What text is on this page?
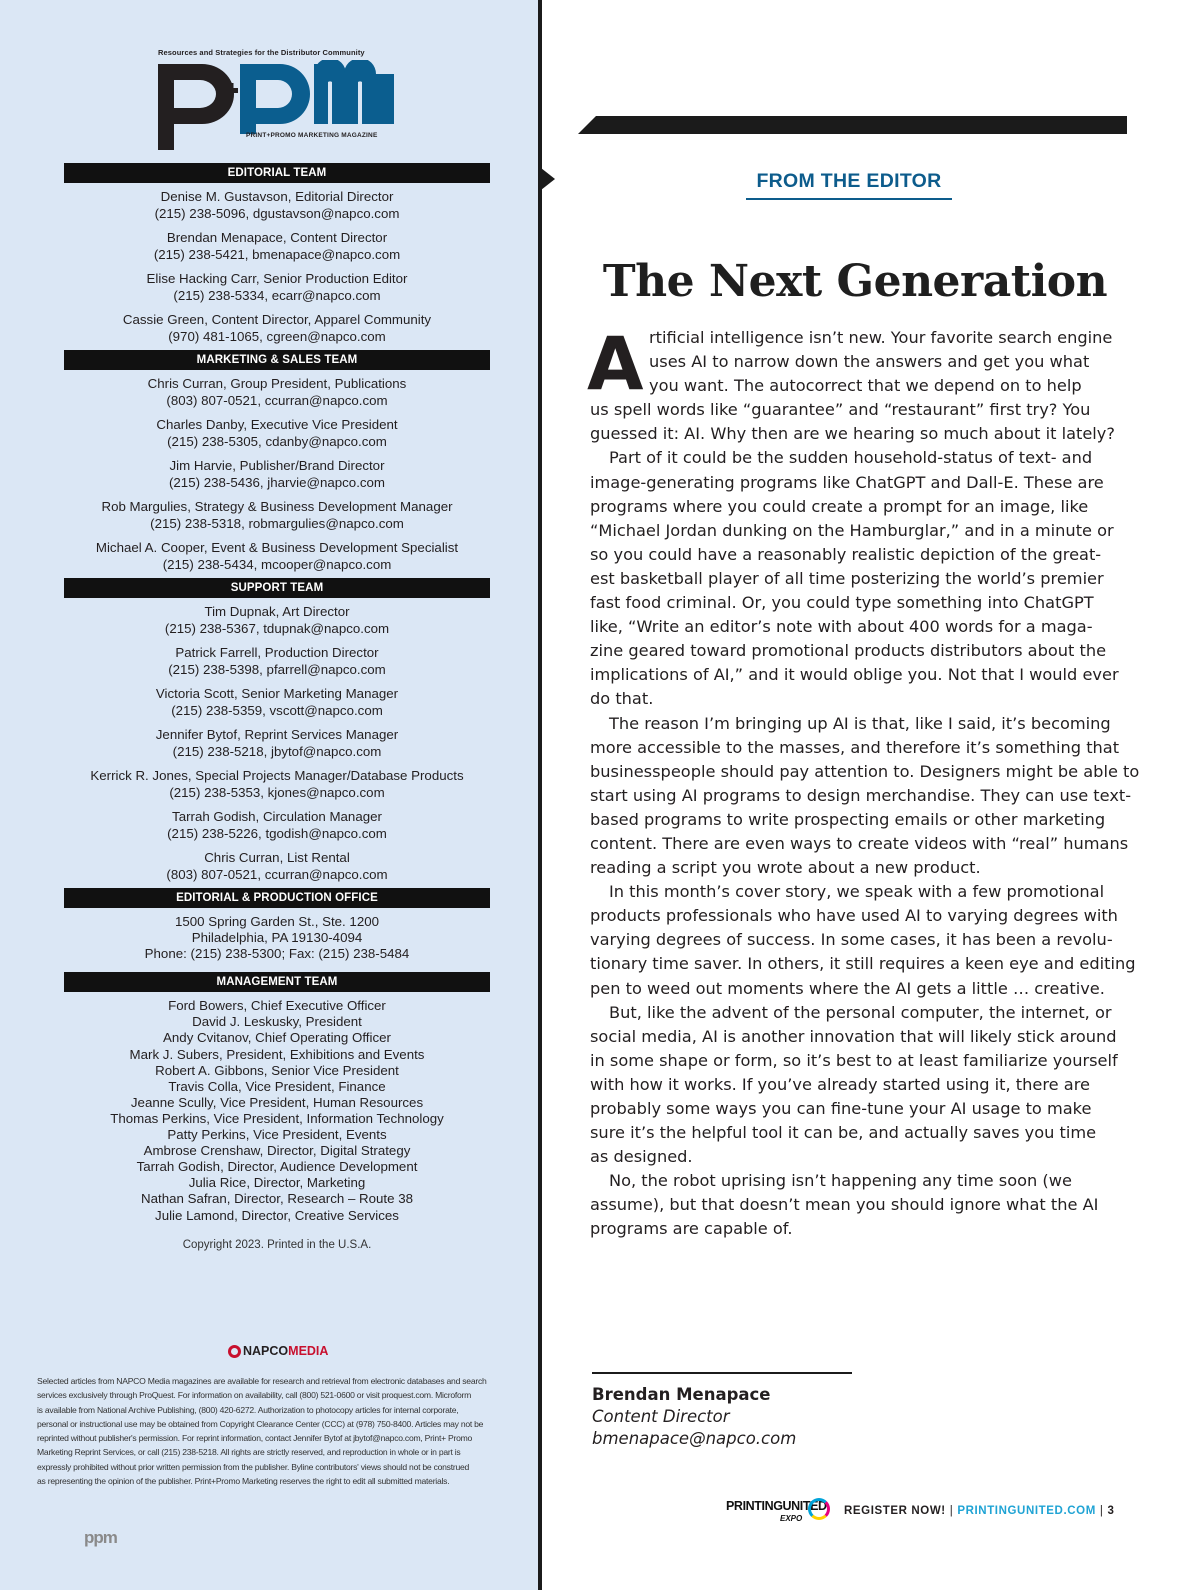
Resources and Strategies for the Distributor Community
PRINT+PROMO MARKETING MAGAZINE
EDITORIAL TEAM
Denise M. Gustavson, Editorial Director
(215) 238-5096, dgustavson@napco.com
Brendan Menapace, Content Director
(215) 238-5421, bmenapace@napco.com
Elise Hacking Carr, Senior Production Editor
(215) 238-5334, ecarr@napco.com
Cassie Green, Content Director, Apparel Community
(970) 481-1065, cgreen@napco.com
MARKETING & SALES TEAM
Chris Curran, Group President, Publications
(803) 807-0521, ccurran@napco.com
Charles Danby, Executive Vice President
(215) 238-5305, cdanby@napco.com
Jim Harvie, Publisher/Brand Director
(215) 238-5436, jharvie@napco.com
Rob Margulies, Strategy & Business Development Manager
(215) 238-5318, robmargulies@napco.com
Michael A. Cooper, Event & Business Development Specialist
(215) 238-5434, mcooper@napco.com
SUPPORT TEAM
Tim Dupnak, Art Director
(215) 238-5367, tdupnak@napco.com
Patrick Farrell, Production Director
(215) 238-5398, pfarrell@napco.com
Victoria Scott, Senior Marketing Manager
(215) 238-5359, vscott@napco.com
Jennifer Bytof, Reprint Services Manager
(215) 238-5218, jbytof@napco.com
Kerrick R. Jones, Special Projects Manager/Database Products
(215) 238-5353, kjones@napco.com
Tarrah Godish, Circulation Manager
(215) 238-5226, tgodish@napco.com
Chris Curran, List Rental
(803) 807-0521, ccurran@napco.com
EDITORIAL & PRODUCTION OFFICE
1500 Spring Garden St., Ste. 1200
Philadelphia, PA 19130-4094
Phone: (215) 238-5300; Fax: (215) 238-5484
MANAGEMENT TEAM
Ford Bowers, Chief Executive Officer
David J. Leskusky, President
Andy Cvitanov, Chief Operating Officer
Mark J. Subers, President, Exhibitions and Events
Robert A. Gibbons, Senior Vice President
Travis Colla, Vice President, Finance
Jeanne Scully, Vice President, Human Resources
Thomas Perkins, Vice President, Information Technology
Patty Perkins, Vice President, Events
Ambrose Crenshaw, Director, Digital Strategy
Tarrah Godish, Director, Audience Development
Julia Rice, Director, Marketing
Nathan Safran, Director, Research – Route 38
Julie Lamond, Director, Creative Services
Copyright 2023. Printed in the U.S.A.
NAPCOMEDIA
Selected articles from NAPCO Media magazines are available for research and retrieval from electronic databases and search
services exclusively through ProQuest. For information on availability, call (800) 521-0600 or visit proquest.com. Microform
is available from National Archive Publishing, (800) 420-6272. Authorization to photocopy articles for internal corporate,
personal or instructional use may be obtained from Copyright Clearance Center (CCC) at (978) 750-8400. Articles may not be
reprinted without publisher's permission. For reprint information, contact Jennifer Bytof at jbytof@napco.com, Print+ Promo
Marketing Reprint Services, or call (215) 238-5218. All rights are strictly reserved, and reproduction in whole or in part is
expressly prohibited without prior written permission from the publisher. Byline contributors' views should not be construed
as representing the opinion of the publisher. Print+Promo Marketing reserves the right to edit all submitted materials.
ppm
FROM THE EDITOR
The Next Generation
A rtificial intelligence isn’t new. Your favorite search engine
uses AI to narrow down the answers and get you what
you want. The autocorrect that we depend on to help
us spell words like “guarantee” and “restaurant” first try? You
guessed it: AI. Why then are we hearing so much about it lately?
Part of it could be the sudden household-status of text- and
image-generating programs like ChatGPT and Dall-E. These are
programs where you could create a prompt for an image, like
“Michael Jordan dunking on the Hamburglar,” and in a minute or
so you could have a reasonably realistic depiction of the great-
est basketball player of all time posterizing the world’s premier
fast food criminal. Or, you could type something into ChatGPT
like, “Write an editor’s note with about 400 words for a maga-
zine geared toward promotional products distributors about the
implications of AI,” and it would oblige you. Not that I would ever
do that.
The reason I’m bringing up AI is that, like I said, it’s becoming
more accessible to the masses, and therefore it’s something that
businesspeople should pay attention to. Designers might be able to
start using AI programs to design merchandise. They can use text-
based programs to write prospecting emails or other marketing
content. There are even ways to create videos with “real” humans
reading a script you wrote about a new product.
In this month’s cover story, we speak with a few promotional
products professionals who have used AI to varying degrees with
varying degrees of success. In some cases, it has been a revolu-
tionary time saver. In others, it still requires a keen eye and editing
pen to weed out moments where the AI gets a little … creative.
But, like the advent of the personal computer, the internet, or
social media, AI is another innovation that will likely stick around
in some shape or form, so it’s best to at least familiarize yourself
with how it works. If you’ve already started using it, there are
probably some ways you can fine-tune your AI usage to make
sure it’s the helpful tool it can be, and actually saves you time
as designed.
No, the robot uprising isn’t happening any time soon (we
assume), but that doesn’t mean you should ignore what the AI
programs are capable of.
Brendan Menapace
Content Director
bmenapace@napco.com
PRINTINGUNITED
EXPO
REGISTER NOW! | PRINTINGUNITED.COM | 3
